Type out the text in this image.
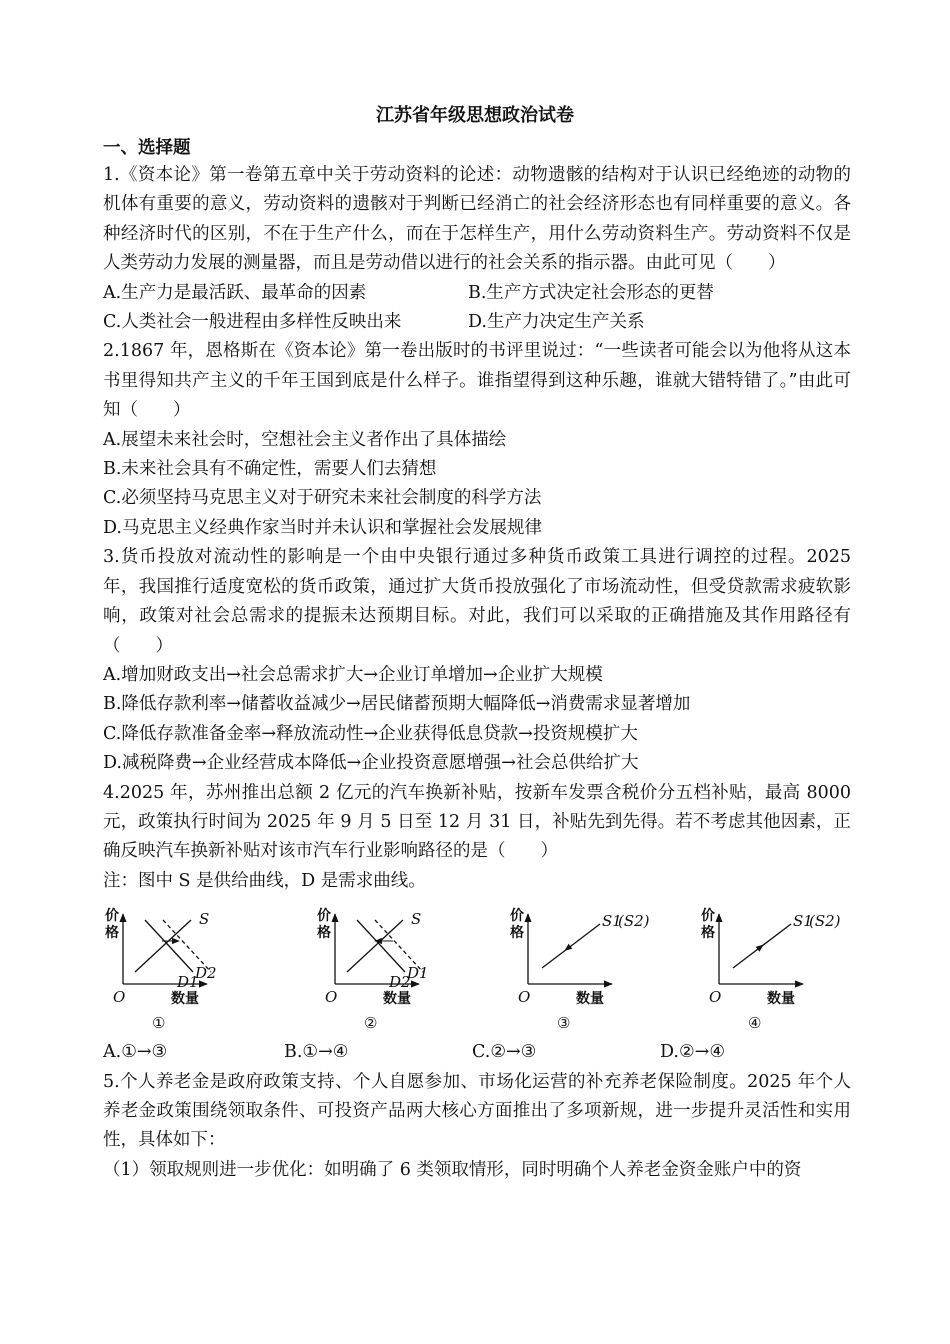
江苏省年级思想政治试卷
一、选择题

1.《资本论》第一卷第五章中关于劳动资料的论述：动物遗骸的结构对于认识已经绝迹的动物的机体有重要的意义，劳动资料的遗骸对于判断已经消亡的社会经济形态也有同样重要的意义。各种经济时代的区别，不在于生产什么，而在于怎样生产，用什么劳动资料生产。劳动资料不仅是人类劳动力发展的测量器，而且是劳动借以进行的社会关系的指示器。由此可见（　　）

A.生产力是最活跃、最革命的因素	B.生产方式决定社会形态的更替
C.人类社会一般进程由多样性反映出来	D.生产力决定生产关系

2.1867 年，恩格斯在《资本论》第一卷出版时的书评里说过：“一些读者可能会以为他将从这本书里得知共产主义的千年王国到底是什么样子。谁指望得到这种乐趣，谁就大错特错了。”由此可知（　　）

A.展望未来社会时，空想社会主义者作出了具体描绘

B.未来社会具有不确定性，需要人们去猜想

C.必须坚持马克思主义对于研究未来社会制度的科学方法

D.马克思主义经典作家当时并未认识和掌握社会发展规律

3.货币投放对流动性的影响是一个由中央银行通过多种货币政策工具进行调控的过程。2025 年，我国推行适度宽松的货币政策，通过扩大货币投放强化了市场流动性，但受贷款需求疲软影响，政策对社会总需求的提振未达预期目标。对此，我们可以采取的正确措施及其作用路径有（　　）

A.增加财政支出→社会总需求扩大→企业订单增加→企业扩大规模

B.降低存款利率→储蓄收益减少→居民储蓄预期大幅降低→消费需求显著增加

C.降低存款准备金率→释放流动性→企业获得低息贷款→投资规模扩大

D.减税降费→企业经营成本降低→企业投资意愿增强→社会总供给扩大

4.2025 年，苏州推出总额 2 亿元的汽车换新补贴，按新车发票含税价分五档补贴，最高 8000 元，政策执行时间为 2025 年 9 月 5 日至 12 月 31 日，补贴先到先得。若不考虑其他因素，正确反映汽车换新补贴对该市汽车行业影响路径的是（　　）

注：图中 S 是供给曲线，D 是需求曲线。

价
格
O	数量
①
S
D2
D1
价
格
O	数量
②
S
D1
D2
价
格
O	数量
③
S1
(S2)	价
格
O	数量
④
S1
(S2)
A.①→③	B.①→④	C.②→③	D.②→④

5.个人养老金是政府政策支持、个人自愿参加、市场化运营的补充养老保险制度。2025 年个人养老金政策围绕领取条件、可投资产品两大核心方面推出了多项新规，进一步提升灵活性和实用性，具体如下：

（1）领取规则进一步优化：如明确了 6 类领取情形，同时明确个人养老金资金账户中的资
